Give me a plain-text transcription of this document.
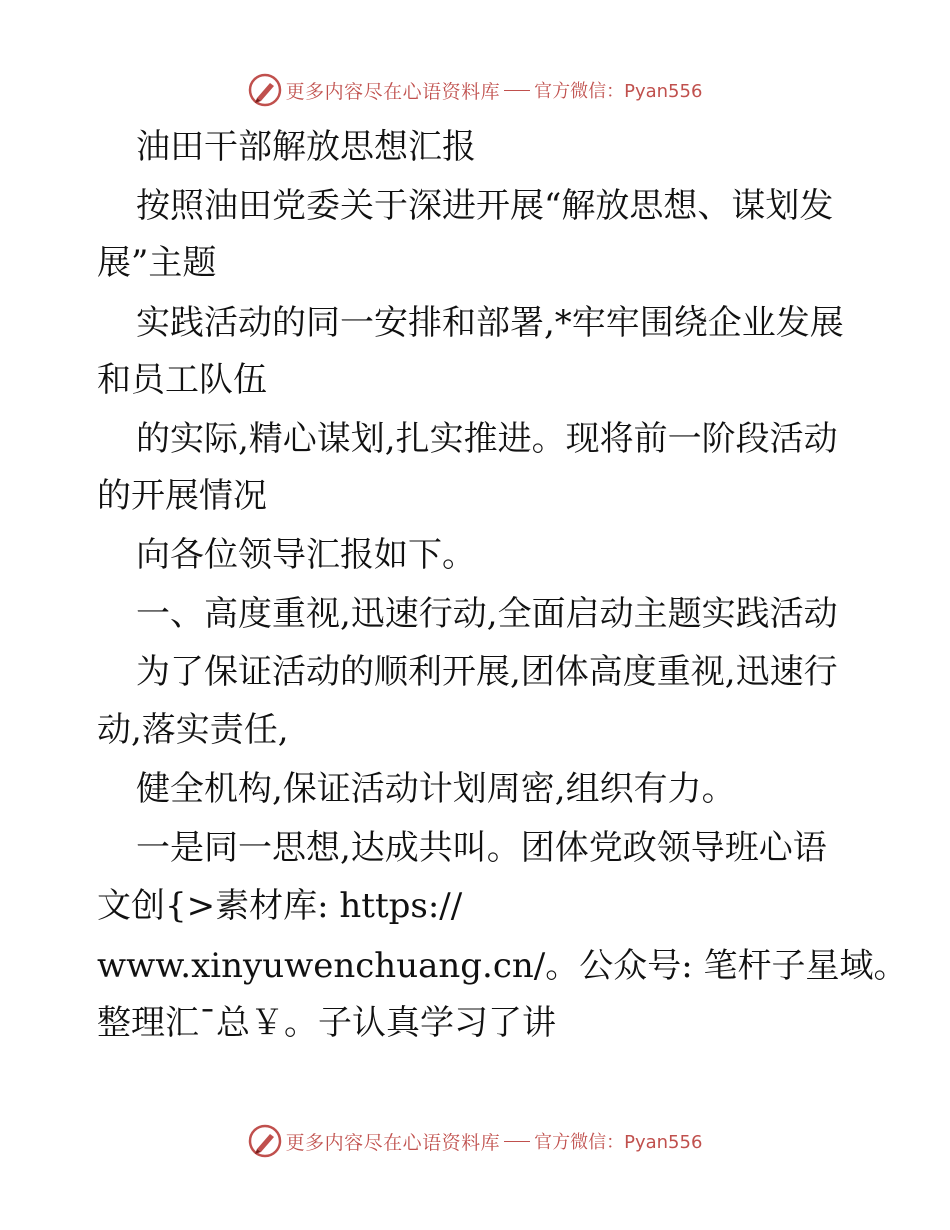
更多内容尽在心语资料库 官方微信：Pyan556
油田干部解放思想汇报
按照油田党委关于深进开展“解放思想、谋划发
展”主题
实践活动的同一安排和部署,*牢牢围绕企业发展
和员工队伍
的实际,精心谋划,扎实推进。现将前一阶段活动
的开展情况
向各位领导汇报如下。
一、高度重视,迅速行动,全面启动主题实践活动
为了保证活动的顺利开展,团体高度重视,迅速行
动,落实责任,
健全机构,保证活动计划周密,组织有力。
一是同一思想,达成共叫。团体党政领导班心语
文创{>素材库: https://
www.xinyuwenchuang.cn/。公众号: 笔杆子星域。
整理汇¯总￥。子认真学习了讲
更多内容尽在心语资料库 官方微信：Pyan556
